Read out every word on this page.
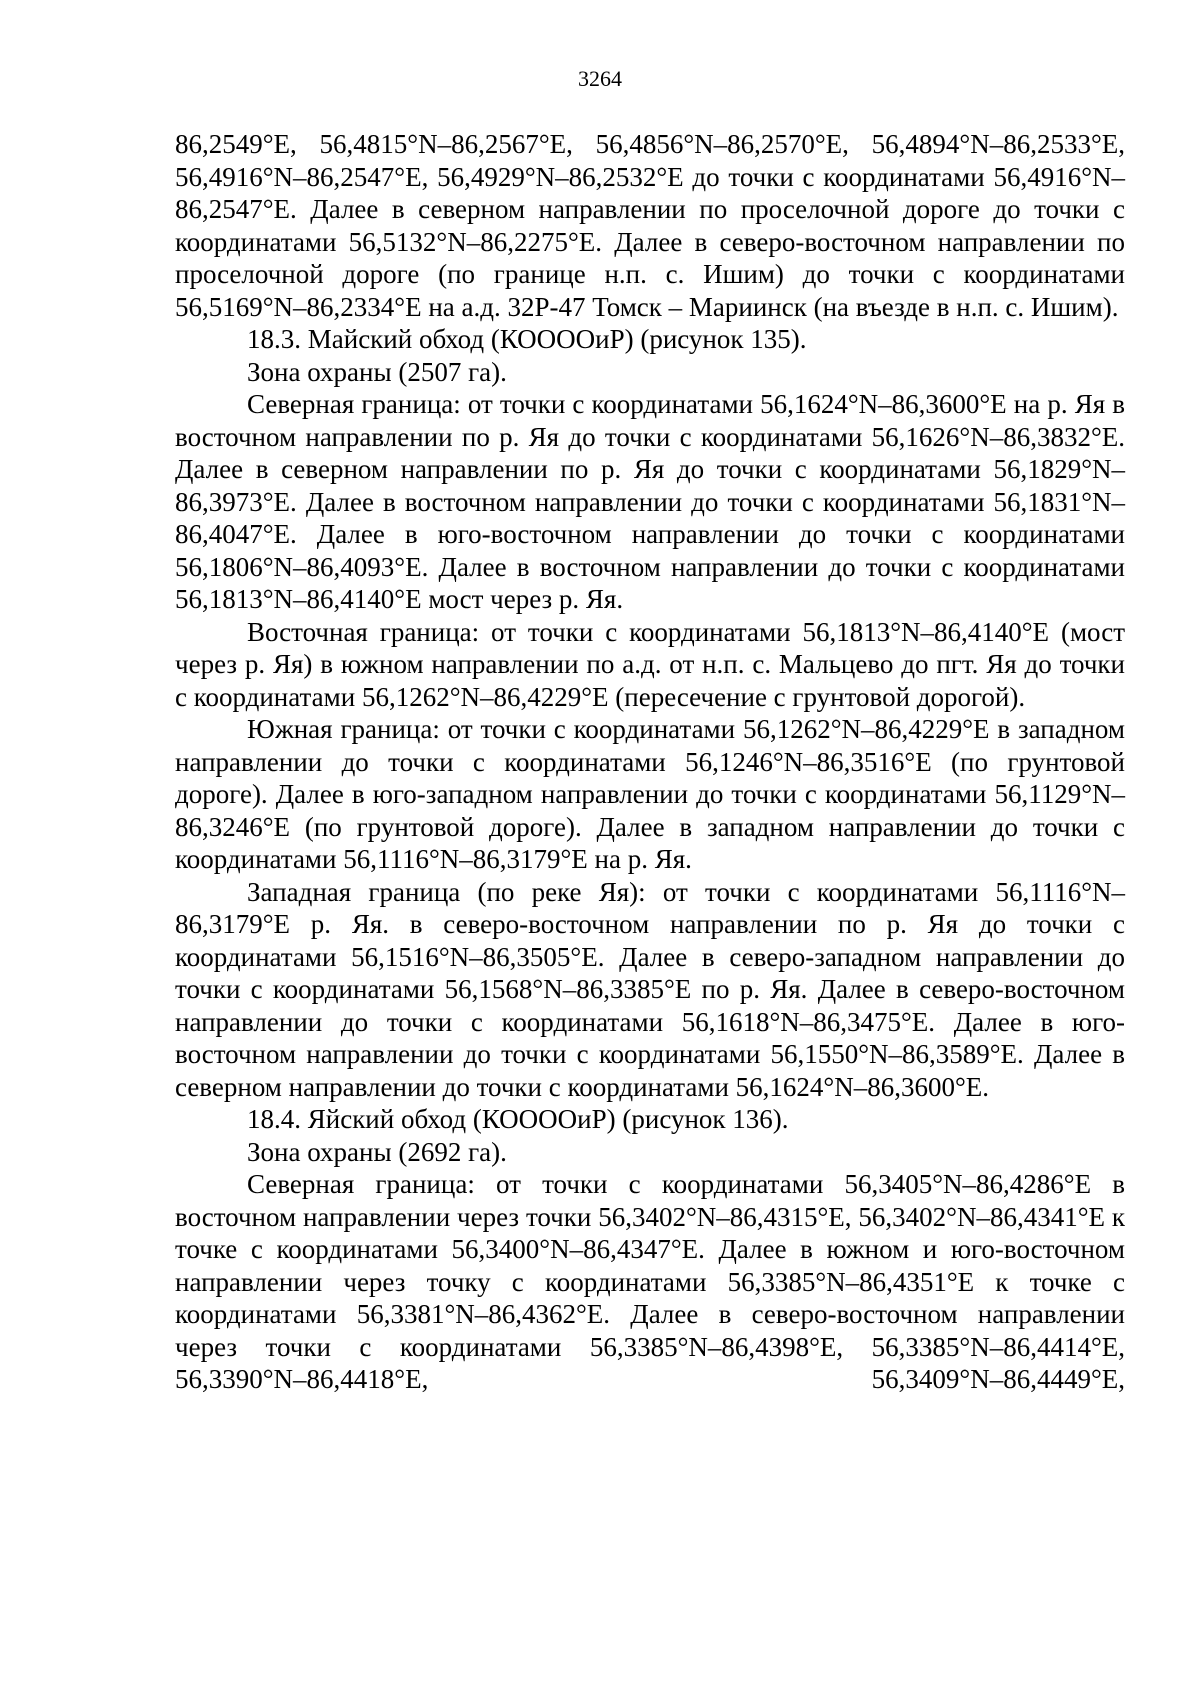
3264

86,2549°E, 56,4815°N–86,2567°E, 56,4856°N–86,2570°E, 56,4894°N–86,2533°E, 56,4916°N–86,2547°E, 56,4929°N–86,2532°E до точки с координатами 56,4916°N–86,2547°E. Далее в северном направлении по проселочной дороге до точки с координатами 56,5132°N–86,2275°E. Далее в северо-восточном направлении по проселочной дороге (по границе н.п. с. Ишим) до точки с координатами 56,5169°N–86,2334°E на а.д. 32Р-47 Томск – Мариинск (на въезде в н.п. с. Ишим).

18.3. Майский обход (КООООиР) (рисунок 135).

Зона охраны (2507 га).

Северная граница: от точки с координатами 56,1624°N–86,3600°E на р. Яя в восточном направлении по р. Яя до точки с координатами 56,1626°N–86,3832°E. Далее в северном направлении по р. Яя до точки с координатами 56,1829°N–86,3973°E. Далее в восточном направлении до точки с координатами 56,1831°N–86,4047°E. Далее в юго-восточном направлении до точки с координатами 56,1806°N–86,4093°E. Далее в восточном направлении до точки с координатами 56,1813°N–86,4140°E мост через р. Яя.

Восточная граница: от точки с координатами 56,1813°N–86,4140°E (мост через р. Яя) в южном направлении по а.д. от н.п. с. Мальцево до пгт. Яя до точки с координатами 56,1262°N–86,4229°E (пересечение с грунтовой дорогой).

Южная граница: от точки с координатами 56,1262°N–86,4229°E в западном направлении до точки с координатами 56,1246°N–86,3516°E (по грунтовой дороге). Далее в юго-западном направлении до точки с координатами 56,1129°N–86,3246°E (по грунтовой дороге). Далее в западном направлении до точки с координатами 56,1116°N–86,3179°E на р. Яя.

Западная граница (по реке Яя): от точки с координатами 56,1116°N–86,3179°E р. Яя. в северо-восточном направлении по р. Яя до точки с координатами 56,1516°N–86,3505°E. Далее в северо-западном направлении до точки с координатами 56,1568°N–86,3385°E по р. Яя. Далее в северо-восточном направлении до точки с координатами 56,1618°N–86,3475°E. Далее в юго-восточном направлении до точки с координатами 56,1550°N–86,3589°E. Далее в северном направлении до точки с координатами 56,1624°N–86,3600°E.

18.4. Яйский обход (КООООиР) (рисунок 136).

Зона охраны (2692 га).

Северная граница: от точки с координатами 56,3405°N–86,4286°E в восточном направлении через точки 56,3402°N–86,4315°E, 56,3402°N–86,4341°E к точке с координатами 56,3400°N–86,4347°E. Далее в южном и юго-восточном направлении через точку с координатами 56,3385°N–86,4351°E к точке с координатами 56,3381°N–86,4362°E. Далее в северо-восточном направлении через точки с координатами 56,3385°N–86,4398°E, 56,3385°N–86,4414°E, 56,3390°N–86,4418°E, 56,3409°N–86,4449°E,
